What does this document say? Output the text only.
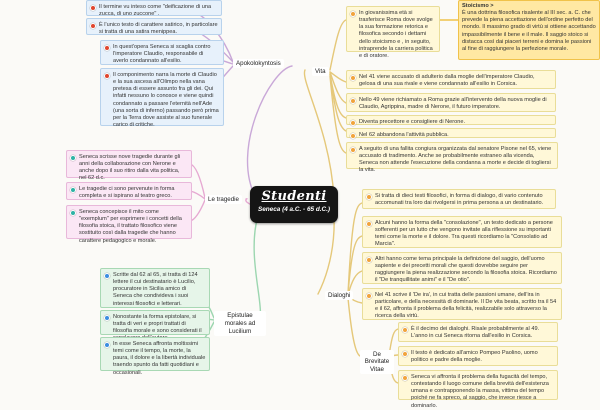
Studenti
Seneca (4 a.C. - 65 d.C.)
Apokolokyntosis
Il termine vu inteso come "deificazione di una zucca, di uno zuccone" .
È l'unico testo di carattere satirico, in particolare si tratta di una satira menippea.
In quest'opera Seneca si scaglia contro l'imperatore Claudio, responsabile di averlo condannato all'esilio.
Il componimento narra la morte di Claudio e la sua ascesa all'Olimpo nella vana pretesa di essere assunto fra gli dei. Qui infatti nessuno lo conosce e viene quindi condannato a passare l'eternità nell'Ade (una sorta di inferno) passando però prima per la Terra dove assiste al suo funerale carico di critiche.
Vita
In giovanissima età si trasferisce Roma dove svolge la sua formazione retorica e filosofica secondo i dettami dello stoicismo e , in seguito, intraprende la carriera politica e di oratore.
Stoicismo >
È una dottrina filosofica risalente al III sec. a. C. che prevede la piena accettazione dell'ordine perfetto del mondo. Il massimo grado di virtù si ottiene accettando impassibilmente il bene e il male. Il saggio stoico si distacca così dai piaceri terreni e domina le passioni al fine di raggiungere la perfezione morale.
Nel 41 viene accusato di adulterio dalla moglie dell'imperatore Claudio, gelosa di una sua rivale e viene condannato all'esilio in Corsica.
Nello 49 viene richiamato a Roma grazie all'intervento della nuova moglie di Claudio, Agrippina, madre di Nerone, il futuro imperatore.
Diventa precettore e consigliere di Nerone.
Nel 62 abbandona l'attività pubblica.
A seguito di una fallita congiura organizzata dal senatore Pisone nel 65, viene accusato di tradimento. Anche se probabilmente estraneo alla vicenda, Seneca non attende l'esecuzione della condanna a morte e decide di togliersi la vita.
Le tragedie
Seneca scrisse nove tragedie durante gli anni della collaborazione con Nerone e anche dopo il suo ritiro dalla vita politica, nel 62 d.c.
Le tragedie ci sono pervenute in forma completa e si ispirano al teatro greco.
Seneca concepisce il mito come "exemplum" per esprimere i concetti della filosofia stoica, il trattato filosofico viene sostituito così dalla tragedie che hanno carattere pedagogico e morale.
Epistulae morales ad Lucilium
Scritte dal 62 al 65, si tratta di 124 lettere il cui destinatario è Lucilio, procuratore in Sicilia amico di Seneca che condivideva i suoi interessi filosofici e letterari.
Nonostante la forma epistolare, si tratta di veri e propri trattati di filosofia morale e sono considerati il
In esse Seneca affronta moltissimi temi come il tempo, la morte, la paura, il dolore e la libertà individuale traendo spunto da fatti quotidiani e occasionali.
Dialoghi
Si tratta di dieci testi filosofici, in forma di dialogo, di vario contenuto accomunati tra loro dai rivolgersi in prima persona a un destinatario.
Alcuni hanno la forma della "consolazione", un testo dedicato a persone sofferenti per un lutto che vengono invitate alla riflessione su importanti temi come la morte e il dolore. Tra questi ricordiamo la "Consolatio ad Marcia".
Altri hanno come tema principale la definizione del saggio, dell'uomo sapiente e dei precetti morali che questi dovrebbe seguire per raggiungere la piena realizzazione secondo la filosofia stoica. Ricordiamo il "De tranquillitate animi" e il "De otio".
Nel 41 scrive il 'De ira', in cui tratta delle passioni umane, dell'ira in particolare, e della necessità di dominarle. Il De vita beata, scritto tra il 54 e il 62, affronta il problema della felicità, realizzabile solo attraverso la ricerca della virtù.
De Brevitate Vitae
È il decimo dei dialoghi. Risale probabilmente al 49. L'anno in cui Seneca ritorna dall'esilio in Corsica.
Il testo è dedicato all'amico Pompeo Paolino, uomo politico e padre della moglie.
Seneca vi affronta il problema della fugacità del tempo, contestando il luogo comune della brevità dell'esistenza umana e contrapponendo la massa, vittima del tempo poiché ne fa spreco, al saggio, che invece riesce a dominarlo.
